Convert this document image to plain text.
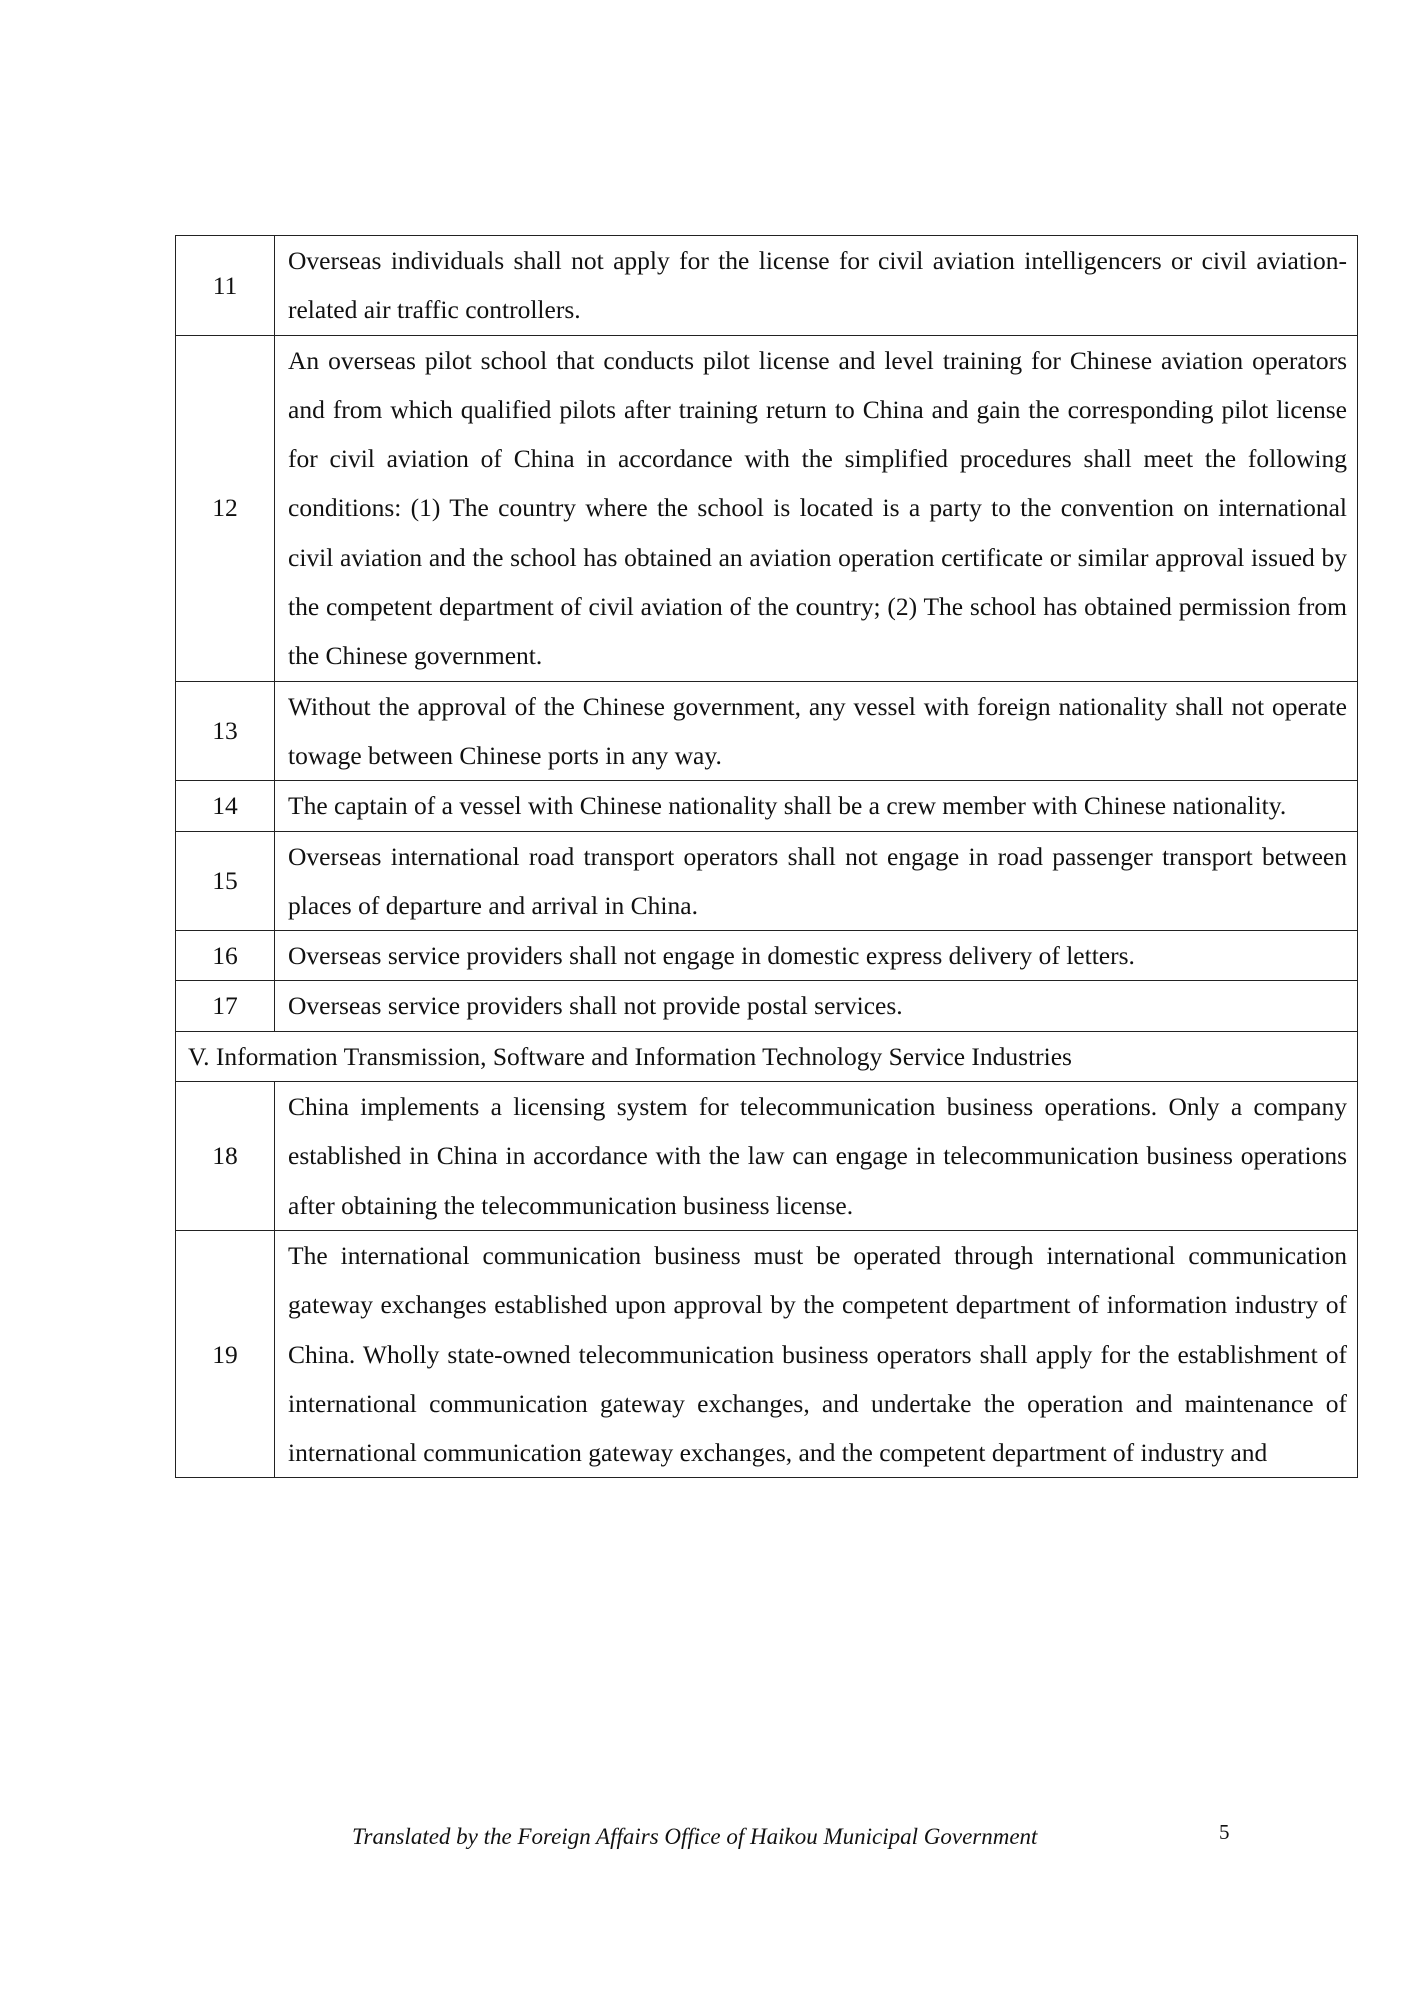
11	Overseas individuals shall not apply for the license for civil aviation intelligencers or civil aviation-related air traffic controllers.
12	An overseas pilot school that conducts pilot license and level training for Chinese aviation operators and from which qualified pilots after training return to China and gain the corresponding pilot license for civil aviation of China in accordance with the simplified procedures shall meet the following conditions: (1) The country where the school is located is a party to the convention on international civil aviation and the school has obtained an aviation operation certificate or similar approval issued by the competent department of civil aviation of the country; (2) The school has obtained permission from the Chinese government.
13	Without the approval of the Chinese government, any vessel with foreign nationality shall not operate towage between Chinese ports in any way.
14	The captain of a vessel with Chinese nationality shall be a crew member with Chinese nationality.
15	Overseas international road transport operators shall not engage in road passenger transport between places of departure and arrival in China.
16	Overseas service providers shall not engage in domestic express delivery of letters.
17	Overseas service providers shall not provide postal services.
V. Information Transmission, Software and Information Technology Service Industries	
18	China implements a licensing system for telecommunication business operations. Only a company established in China in accordance with the law can engage in telecommunication business operations after obtaining the telecommunication business license.
19	The international communication business must be operated through international communication gateway exchanges established upon approval by the competent department of information industry of China. Wholly state-owned telecommunication business operators shall apply for the establishment of international communication gateway exchanges, and undertake the operation and maintenance of international communication gateway exchanges, and the competent department of industry and
Translated by the Foreign Affairs Office of Haikou Municipal Government	5
